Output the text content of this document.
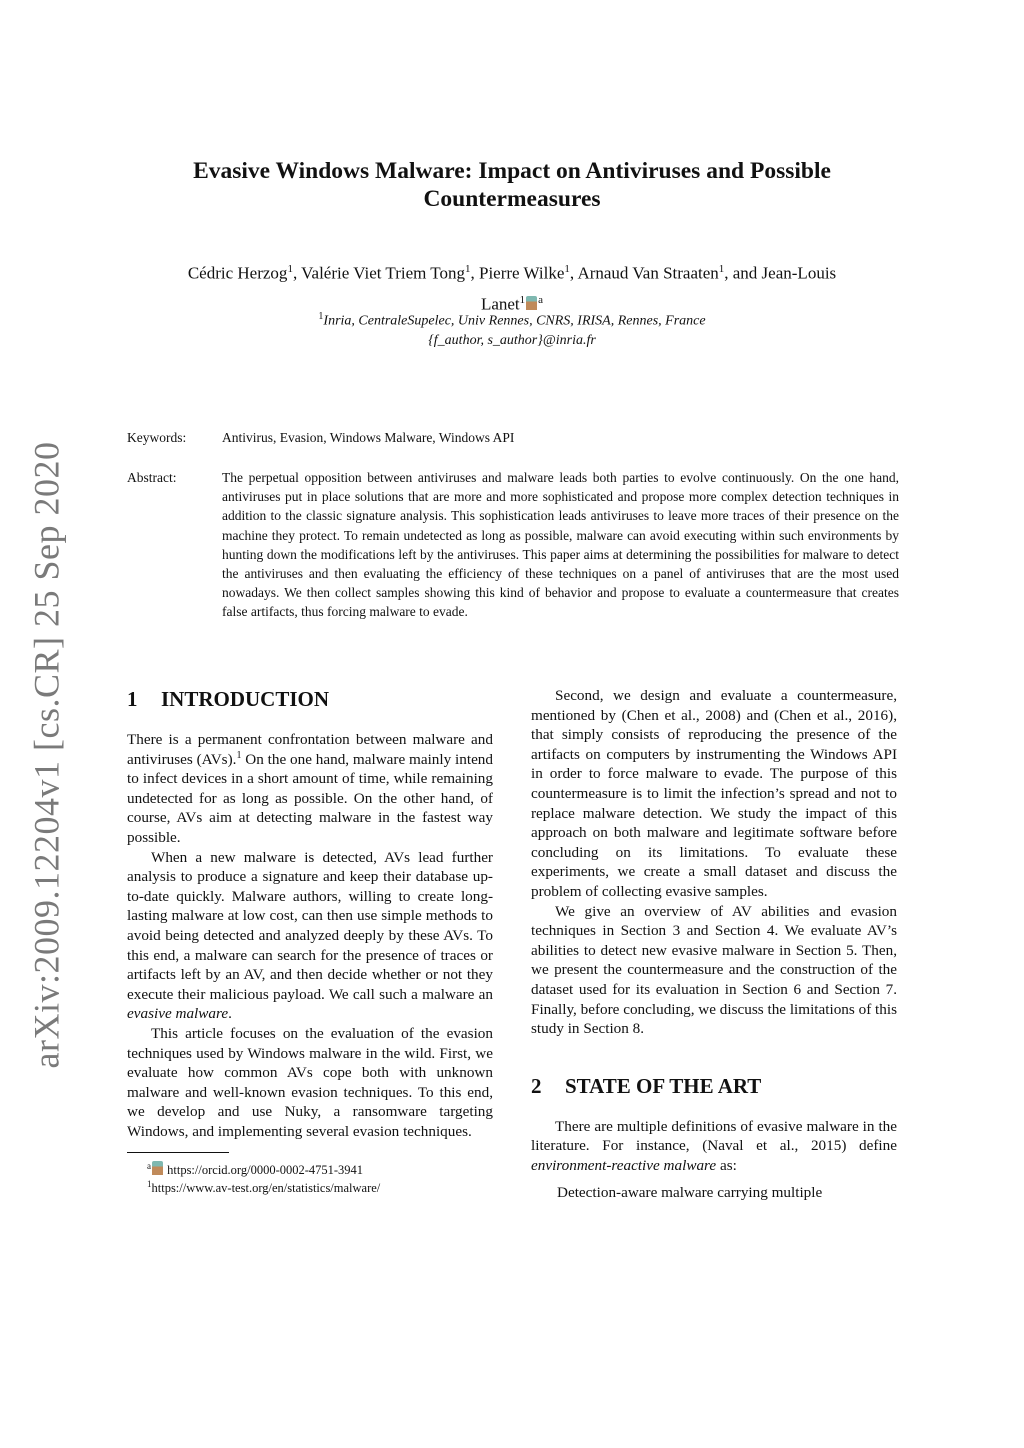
arXiv:2009.12204v1 [cs.CR] 25 Sep 2020
Evasive Windows Malware: Impact on Antiviruses and Possible
Countermeasures
Cédric Herzog$^1$, Valérie Viet Triem Tong$^1$, Pierre Wilke$^1$, Arnaud Van Straaten$^1$, and Jean-Louis
Lanet$^1$ $^a$
$^1$Inria, CentraleSupelec, Univ Rennes, CNRS, IRISA, Rennes, France
{f_author, s_author}@inria.fr
Keywords:	Antivirus, Evasion, Windows Malware, Windows API
Abstract:	The perpetual opposition between antiviruses and malware leads both parties to evolve continuously. On the one hand, antiviruses put in place solutions that are more and more sophisticated and propose more complex detection techniques in addition to the classic signature analysis. This sophistication leads antiviruses to leave more traces of their presence on the machine they protect. To remain undetected as long as possible, malware can avoid executing within such environments by hunting down the modifications left by the antiviruses. This paper aims at determining the possibilities for malware to detect the antiviruses and then evaluating the efficiency of these techniques on a panel of antiviruses that are the most used nowadays. We then collect samples showing this kind of behavior and propose to evaluate a countermeasure that creates false artifacts, thus forcing malware to evade.
1 INTRODUCTION

There is a permanent confrontation between malware and antiviruses (AVs).$^1$ On the one hand, malware mainly intend to infect devices in a short amount of time, while remaining undetected for as long as possible. On the other hand, of course, AVs aim at detecting malware in the fastest way possible.

When a new malware is detected, AVs lead further analysis to produce a signature and keep their database up-to-date quickly. Malware authors, willing to create long-lasting malware at low cost, can then use simple methods to avoid being detected and analyzed deeply by these AVs. To this end, a malware can search for the presence of traces or artifacts left by an AV, and then decide whether or not they execute their malicious payload. We call such a malware an evasive malware.

This article focuses on the evaluation of the evasion techniques used by Windows malware in the wild. First, we evaluate how common AVs cope both with unknown malware and well-known evasion techniques. To this end, we develop and use Nuky, a ransomware targeting Windows, and implementing several evasion techniques.

$^a$ https://orcid.org/0000-0002-4751-3941
$^1$https://www.av-test.org/en/statistics/malware/

Second, we design and evaluate a countermeasure, mentioned by (Chen et al., 2008) and (Chen et al., 2016), that simply consists of reproducing the presence of the artifacts on computers by instrumenting the Windows API in order to force malware to evade. The purpose of this countermeasure is to limit the infection’s spread and not to replace malware detection. We study the impact of this approach on both malware and legitimate software before concluding on its limitations. To evaluate these experiments, we create a small dataset and discuss the problem of collecting evasive samples.

We give an overview of AV abilities and evasion techniques in Section 3 and Section 4. We evaluate AV’s abilities to detect new evasive malware in Section 5. Then, we present the countermeasure and the construction of the dataset used for its evaluation in Section 6 and Section 7. Finally, before concluding, we discuss the limitations of this study in Section 8.

2 STATE OF THE ART

There are multiple definitions of evasive malware in the literature. For instance, (Naval et al., 2015) define environment-reactive malware as:

Detection-aware malware carrying multiple
